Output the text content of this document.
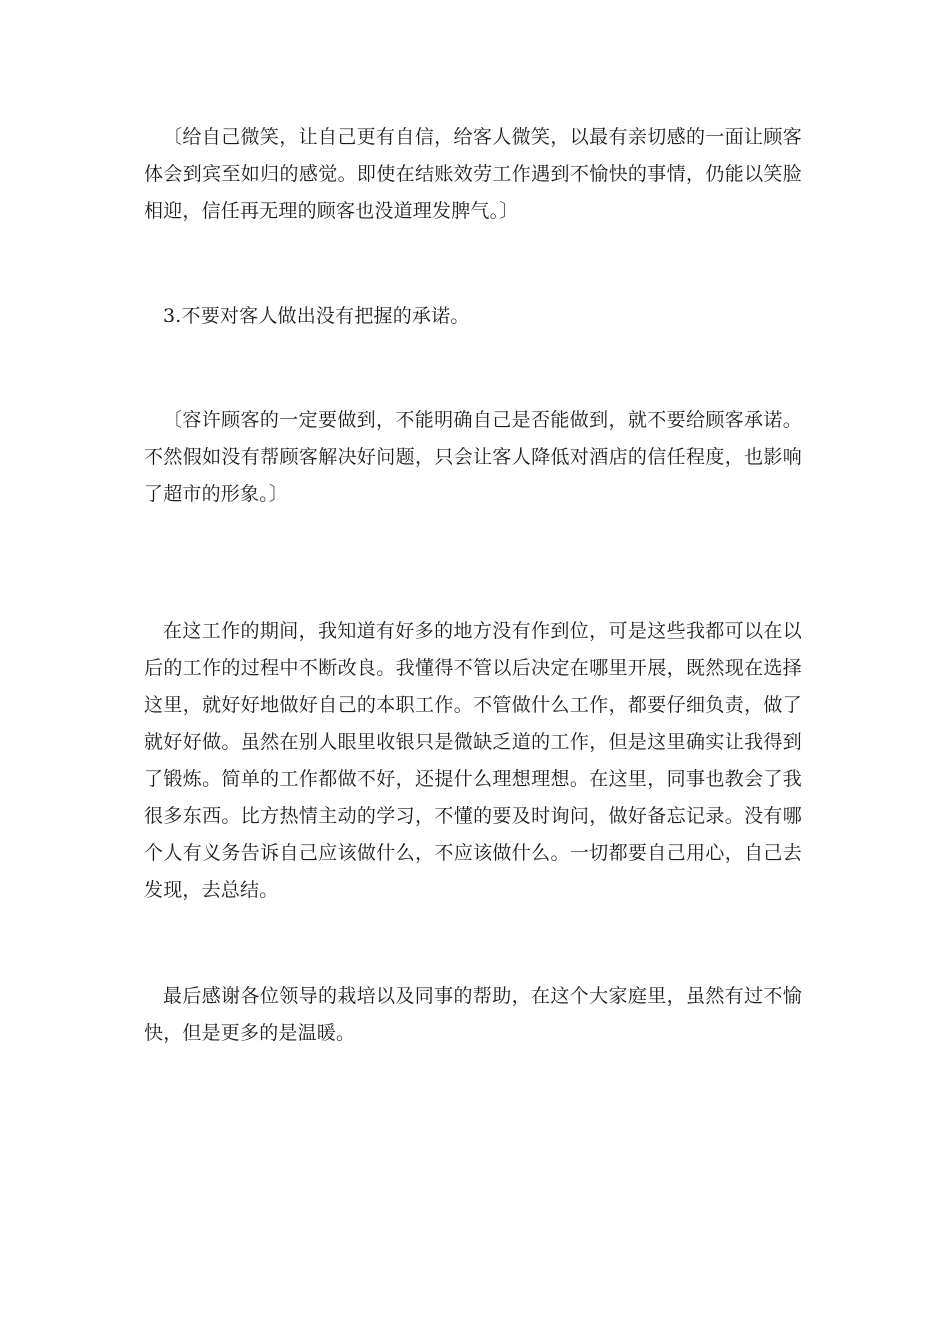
〔给自己微笑，让自己更有自信，给客人微笑，以最有亲切感的一面让顾客体会到宾至如归的感觉。即使在结账效劳工作遇到不愉快的事情，仍能以笑脸相迎，信任再无理的顾客也没道理发脾气。〕

3.不要对客人做出没有把握的承诺。

〔容许顾客的一定要做到，不能明确自己是否能做到，就不要给顾客承诺。不然假如没有帮顾客解决好问题，只会让客人降低对酒店的信任程度，也影响了超市的形象。〕

在这工作的期间，我知道有好多的地方没有作到位，可是这些我都可以在以后的工作的过程中不断改良。我懂得不管以后决定在哪里开展，既然现在选择这里，就好好地做好自己的本职工作。不管做什么工作，都要仔细负责，做了就好好做。虽然在别人眼里收银只是微缺乏道的工作，但是这里确实让我得到了锻炼。简单的工作都做不好，还提什么理想理想。在这里，同事也教会了我很多东西。比方热情主动的学习，不懂的要及时询问，做好备忘记录。没有哪个人有义务告诉自己应该做什么，不应该做什么。一切都要自己用心，自己去发现，去总结。

最后感谢各位领导的栽培以及同事的帮助，在这个大家庭里，虽然有过不愉快，但是更多的是温暖。
